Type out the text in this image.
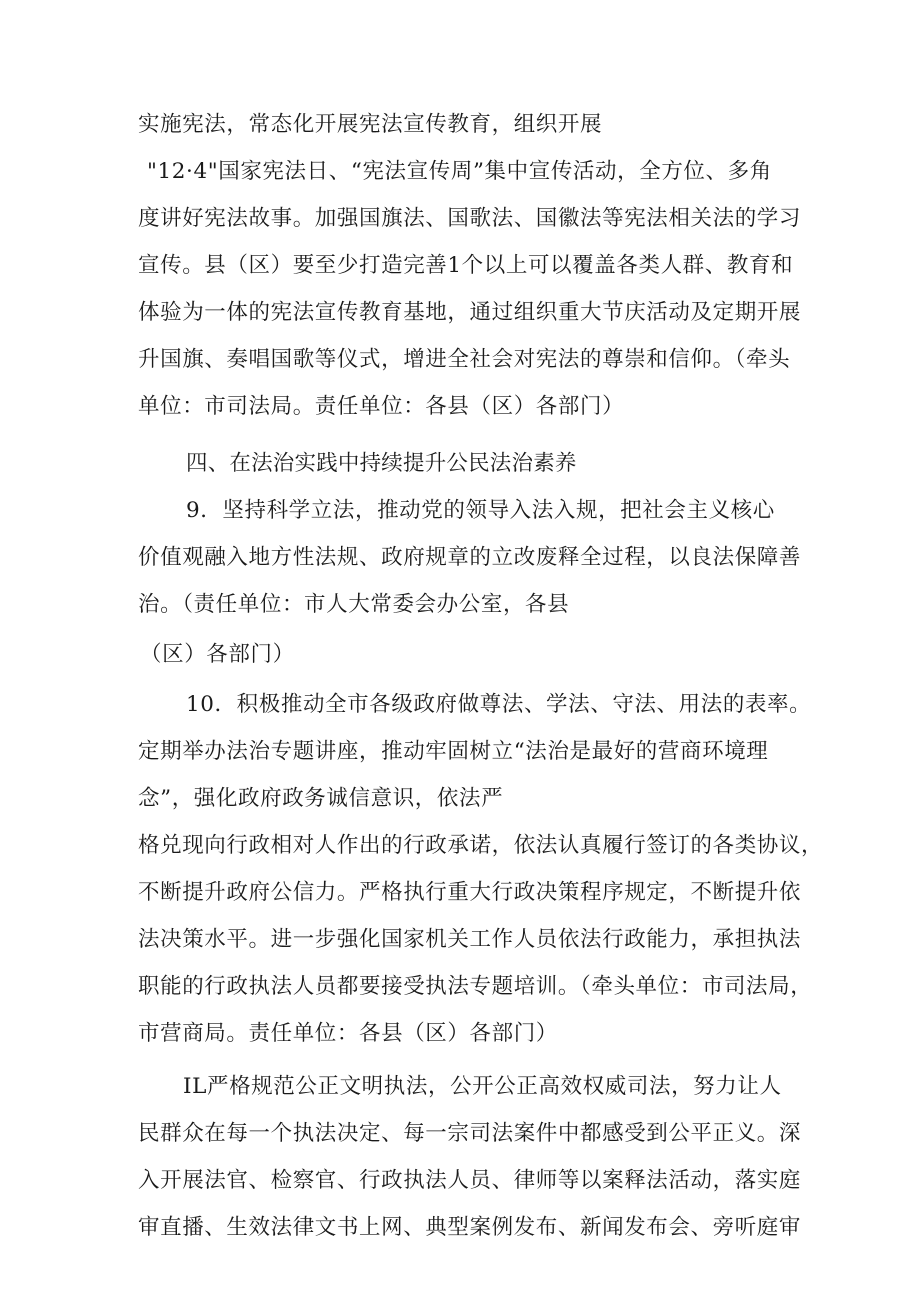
实施宪法，常态化开展宪法宣传教育，组织开展
"12·4"国家宪法日、“宪法宣传周”集中宣传活动，全方位、多角
度讲好宪法故事。加强国旗法、国歌法、国徽法等宪法相关法的学习
宣传。县（区）要至少打造完善1个以上可以覆盖各类人群、教育和
体验为一体的宪法宣传教育基地，通过组织重大节庆活动及定期开展
升国旗、奏唱国歌等仪式，增进全社会对宪法的尊崇和信仰。（牵头
单位：市司法局。责任单位：各县（区）各部门）
四、在法治实践中持续提升公民法治素养
9．坚持科学立法，推动党的领导入法入规，把社会主义核心
价值观融入地方性法规、政府规章的立改废释全过程，以良法保障善
治。（责任单位：市人大常委会办公室，各县
（区）各部门）
10．积极推动全市各级政府做尊法、学法、守法、用法的表率。
定期举办法治专题讲座，推动牢固树立“法治是最好的营商环境理
念”，强化政府政务诚信意识，依法严
格兑现向行政相对人作出的行政承诺，依法认真履行签订的各类协议，
不断提升政府公信力。严格执行重大行政决策程序规定，不断提升依
法决策水平。进一步强化国家机关工作人员依法行政能力，承担执法
职能的行政执法人员都要接受执法专题培训。（牵头单位：市司法局，
市营商局。责任单位：各县（区）各部门）
IL严格规范公正文明执法，公开公正高效权威司法，努力让人
民群众在每一个执法决定、每一宗司法案件中都感受到公平正义。深
入开展法官、检察官、行政执法人员、律师等以案释法活动，落实庭
审直播、生效法律文书上网、典型案例发布、新闻发布会、旁听庭审
